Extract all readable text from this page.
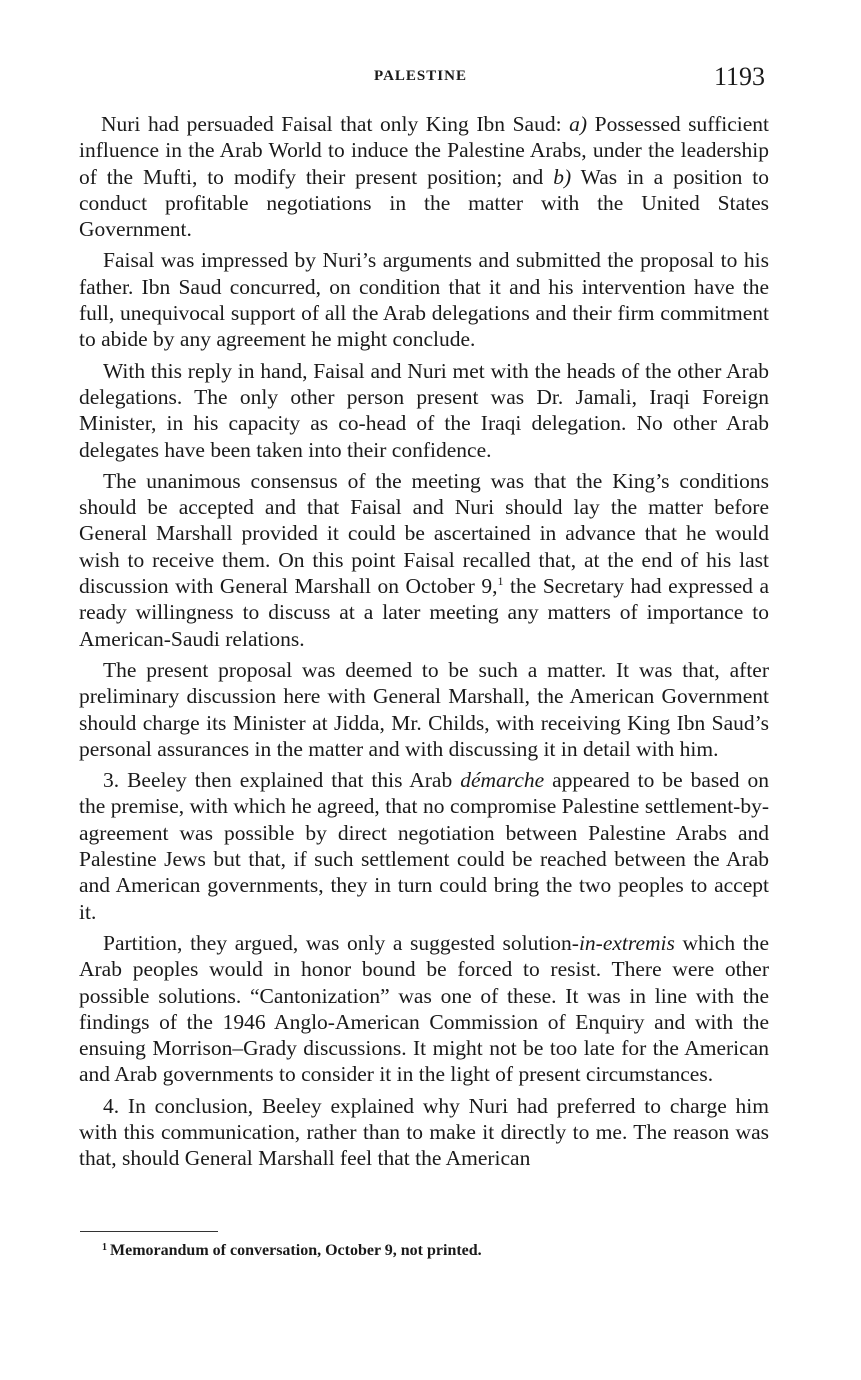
PALESTINE	1193

Nuri had persuaded Faisal that only King Ibn Saud: a) Possessed sufficient influence in the Arab World to induce the Palestine Arabs, under the leadership of the Mufti, to modify their present position; and b) Was in a position to conduct profitable negotiations in the matter with the United States Government.

Faisal was impressed by Nuri’s arguments and submitted the proposal to his father. Ibn Saud concurred, on condition that it and his intervention have the full, unequivocal support of all the Arab delegations and their firm commitment to abide by any agreement he might conclude.

With this reply in hand, Faisal and Nuri met with the heads of the other Arab delegations. The only other person present was Dr. Jamali, Iraqi Foreign Minister, in his capacity as co-head of the Iraqi delegation. No other Arab delegates have been taken into their confidence.

The unanimous consensus of the meeting was that the King’s conditions should be accepted and that Faisal and Nuri should lay the matter before General Marshall provided it could be ascertained in advance that he would wish to receive them. On this point Faisal recalled that, at the end of his last discussion with General Marshall on October 9,$^1$ the Secretary had expressed a ready willingness to discuss at a later meeting any matters of importance to American-Saudi relations.

The present proposal was deemed to be such a matter. It was that, after preliminary discussion here with General Marshall, the American Government should charge its Minister at Jidda, Mr. Childs, with receiving King Ibn Saud’s personal assurances in the matter and with discussing it in detail with him.

3. Beeley then explained that this Arab démarche appeared to be based on the premise, with which he agreed, that no compromise Palestine settlement-by-agreement was possible by direct negotiation between Palestine Arabs and Palestine Jews but that, if such settlement could be reached between the Arab and American governments, they in turn could bring the two peoples to accept it.

Partition, they argued, was only a suggested solution-in-extremis which the Arab peoples would in honor bound be forced to resist. There were other possible solutions. “Cantonization” was one of these. It was in line with the findings of the 1946 Anglo-American Commission of Enquiry and with the ensuing Morrison–Grady discussions. It might not be too late for the American and Arab governments to consider it in the light of present circumstances.

4. In conclusion, Beeley explained why Nuri had preferred to charge him with this communication, rather than to make it directly to me. The reason was that, should General Marshall feel that the American

$^1$ Memorandum of conversation, October 9, not printed.
